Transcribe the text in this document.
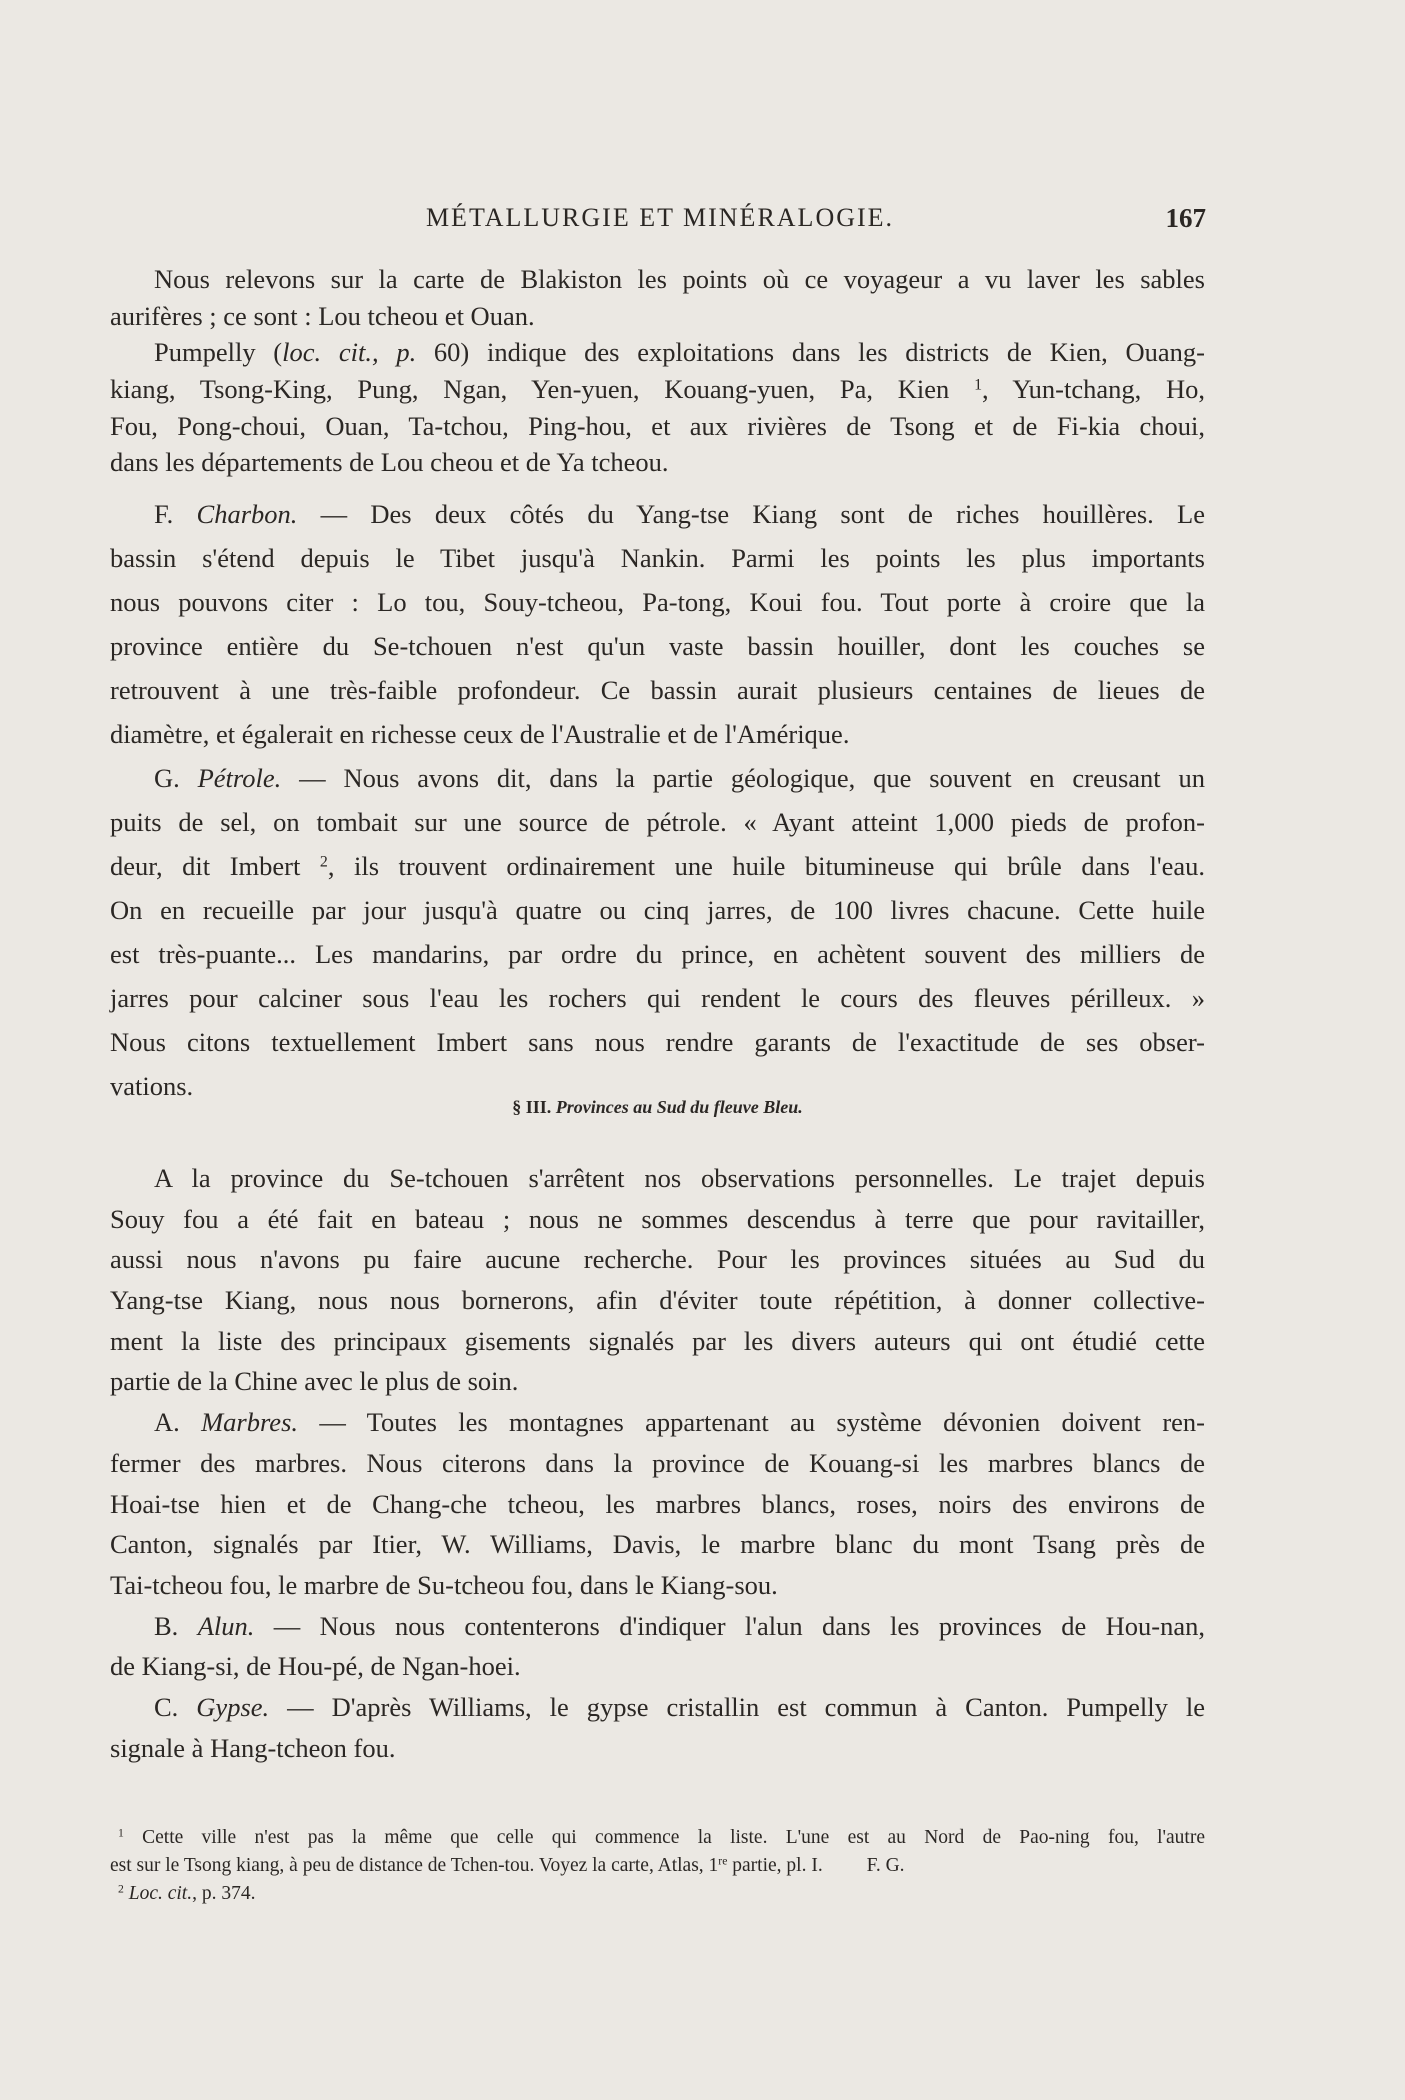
MÉTALLURGIE ET MINÉRALOGIE.	167
Nous relevons sur la carte de Blakiston les points où ce voyageur a vu laver les sables
aurifères ; ce sont : Lou tcheou et Ouan.
Pumpelly (loc. cit., p. 60) indique des exploitations dans les districts de Kien, Ouang-
kiang, Tsong-King, Pung, Ngan, Yen-yuen, Kouang-yuen, Pa, Kien $^1$, Yun-tchang, Ho,
Fou, Pong-choui, Ouan, Ta-tchou, Ping-hou, et aux rivières de Tsong et de Fi-kia choui,
dans les départements de Lou cheou et de Ya tcheou.
F. Charbon. — Des deux côtés du Yang-tse Kiang sont de riches houillères. Le
bassin s'étend depuis le Tibet jusqu'à Nankin. Parmi les points les plus importants
nous pouvons citer : Lo tou, Souy-tcheou, Pa-tong, Koui fou. Tout porte à croire que la
province entière du Se-tchouen n'est qu'un vaste bassin houiller, dont les couches se
retrouvent à une très-faible profondeur. Ce bassin aurait plusieurs centaines de lieues de
diamètre, et égalerait en richesse ceux de l'Australie et de l'Amérique.
G. Pétrole. — Nous avons dit, dans la partie géologique, que souvent en creusant un
puits de sel, on tombait sur une source de pétrole. « Ayant atteint 1,000 pieds de profon-
deur, dit Imbert $^2$, ils trouvent ordinairement une huile bitumineuse qui brûle dans l'eau.
On en recueille par jour jusqu'à quatre ou cinq jarres, de 100 livres chacune. Cette huile
est très-puante... Les mandarins, par ordre du prince, en achètent souvent des milliers de
jarres pour calciner sous l'eau les rochers qui rendent le cours des fleuves périlleux. »
Nous citons textuellement Imbert sans nous rendre garants de l'exactitude de ses obser-
vations.
§ III. Provinces au Sud du fleuve Bleu.
A la province du Se-tchouen s'arrêtent nos observations personnelles. Le trajet depuis
Souy fou a été fait en bateau ; nous ne sommes descendus à terre que pour ravitailler,
aussi nous n'avons pu faire aucune recherche. Pour les provinces situées au Sud du
Yang-tse Kiang, nous nous bornerons, afin d'éviter toute répétition, à donner collective-
ment la liste des principaux gisements signalés par les divers auteurs qui ont étudié cette
partie de la Chine avec le plus de soin.
A. Marbres. — Toutes les montagnes appartenant au système dévonien doivent ren-
fermer des marbres. Nous citerons dans la province de Kouang-si les marbres blancs de
Hoai-tse hien et de Chang-che tcheou, les marbres blancs, roses, noirs des environs de
Canton, signalés par Itier, W. Williams, Davis, le marbre blanc du mont Tsang près de
Tai-tcheou fou, le marbre de Su-tcheou fou, dans le Kiang-sou.
B. Alun. — Nous nous contenterons d'indiquer l'alun dans les provinces de Hou-nan,
de Kiang-si, de Hou-pé, de Ngan-hoei.
C. Gypse. — D'après Williams, le gypse cristallin est commun à Canton. Pumpelly le
signale à Hang-tcheon fou.
$^1$ Cette ville n'est pas la même que celle qui commence la liste. L'une est au Nord de Pao-ning fou, l'autre
est sur le Tsong kiang, à peu de distance de Tchen-tou. Voyez la carte, Atlas, 1re partie, pl. I.         F. G.
$^2$ Loc. cit., p. 374.
